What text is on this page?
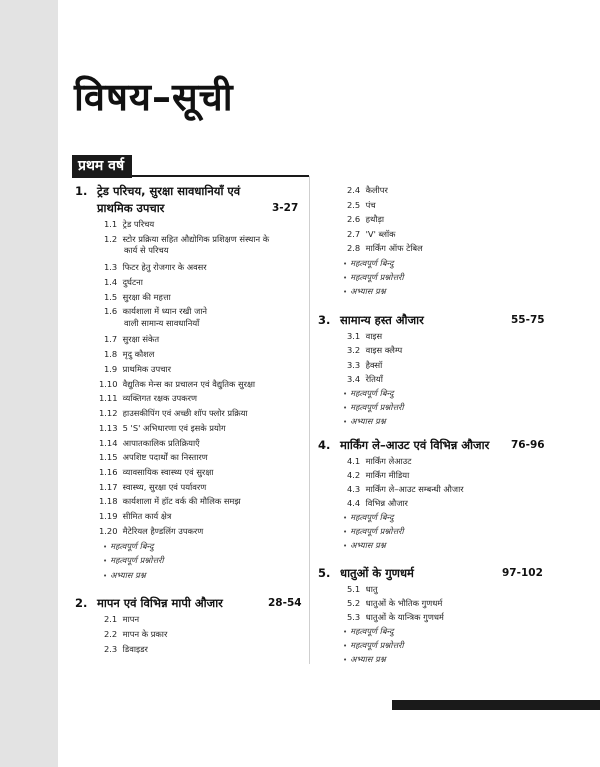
विषय–सूची
प्रथम वर्ष
1. ट्रेड परिचय, सुरक्षा सावधानियाँ एवं
प्राथमिक उपचार	3-27
1.1 ट्रेड परिचय
1.2 स्टोर प्रक्रिया सहित औद्योगिक प्रशिक्षण संस्थान के
कार्य से परिचय
1.3 फिटर हेतु रोजगार के अवसर
1.4 दुर्घटना
1.5 सुरक्षा की महत्ता
1.6 कार्यशाला में ध्यान रखी जाने
वाली सामान्य सावधानियाँ
1.7 सुरक्षा संकेत
1.8 मृदु कौशल
1.9 प्राथमिक उपचार
1.10 वैद्युतिक मेन्स का प्रचालन एवं वैद्युतिक सुरक्षा
1.11 व्यक्तिगत रक्षक उपकरण
1.12 हाउसकीपिंग एवं अच्छी शॉप फ्लोर प्रक्रिया
1.13 5 'S' अभिधारणा एवं इसके प्रयोग
1.14 आपातकालिक प्रतिक्रियाएँ
1.15 अपशिष्ट पदार्थों का निस्तारण
1.16 व्यावसायिक स्वास्थ्य एवं सुरक्षा
1.17 स्वास्थ्य, सुरक्षा एवं पर्यावरण
1.18 कार्यशाला में हॉट वर्क की मौलिक समझ
1.19 सीमित कार्य क्षेत्र
1.20 मैटेरियल हैण्डलिंग उपकरण
• महत्वपूर्ण बिन्दु
• महत्वपूर्ण प्रश्नोत्तरी
• अभ्यास प्रश्न
2. मापन एवं विभिन्न मापी औजार	28-54
2.1 मापन
2.2 मापन के प्रकार
2.3 डिवाइडर
2.4 कैलीपर
2.5 पंच
2.6 हथौड़ा
2.7 'V' ब्लॉक
2.8 मार्किंग ऑफ टेबिल
• महत्वपूर्ण बिन्दु
• महत्वपूर्ण प्रश्नोत्तरी
• अभ्यास प्रश्न
3. सामान्य हस्त औजार	55-75
3.1 वाइस
3.2 वाइस क्लैम्प
3.3 हैक्सॉ
3.4 रेतियाँ
• महत्वपूर्ण बिन्दु
• महत्वपूर्ण प्रश्नोत्तरी
• अभ्यास प्रश्न
4. मार्किंग ले–आउट एवं विभिन्न औजार 76-96
4.1 मार्किंग लेआउट
4.2 मार्किंग मीडिया
4.3 मार्किंग ले–आउट सम्बन्धी औजार
4.4 विभिन्न औजार
• महत्वपूर्ण बिन्दु
• महत्वपूर्ण प्रश्नोत्तरी
• अभ्यास प्रश्न
5. धातुओं के गुणधर्म	97-102
5.1 धातु
5.2 धातुओं के भौतिक गुणधर्म
5.3 धातुओं के यान्त्रिक गुणधर्म
• महत्वपूर्ण बिन्दु
• महत्वपूर्ण प्रश्नोत्तरी
• अभ्यास प्रश्न
